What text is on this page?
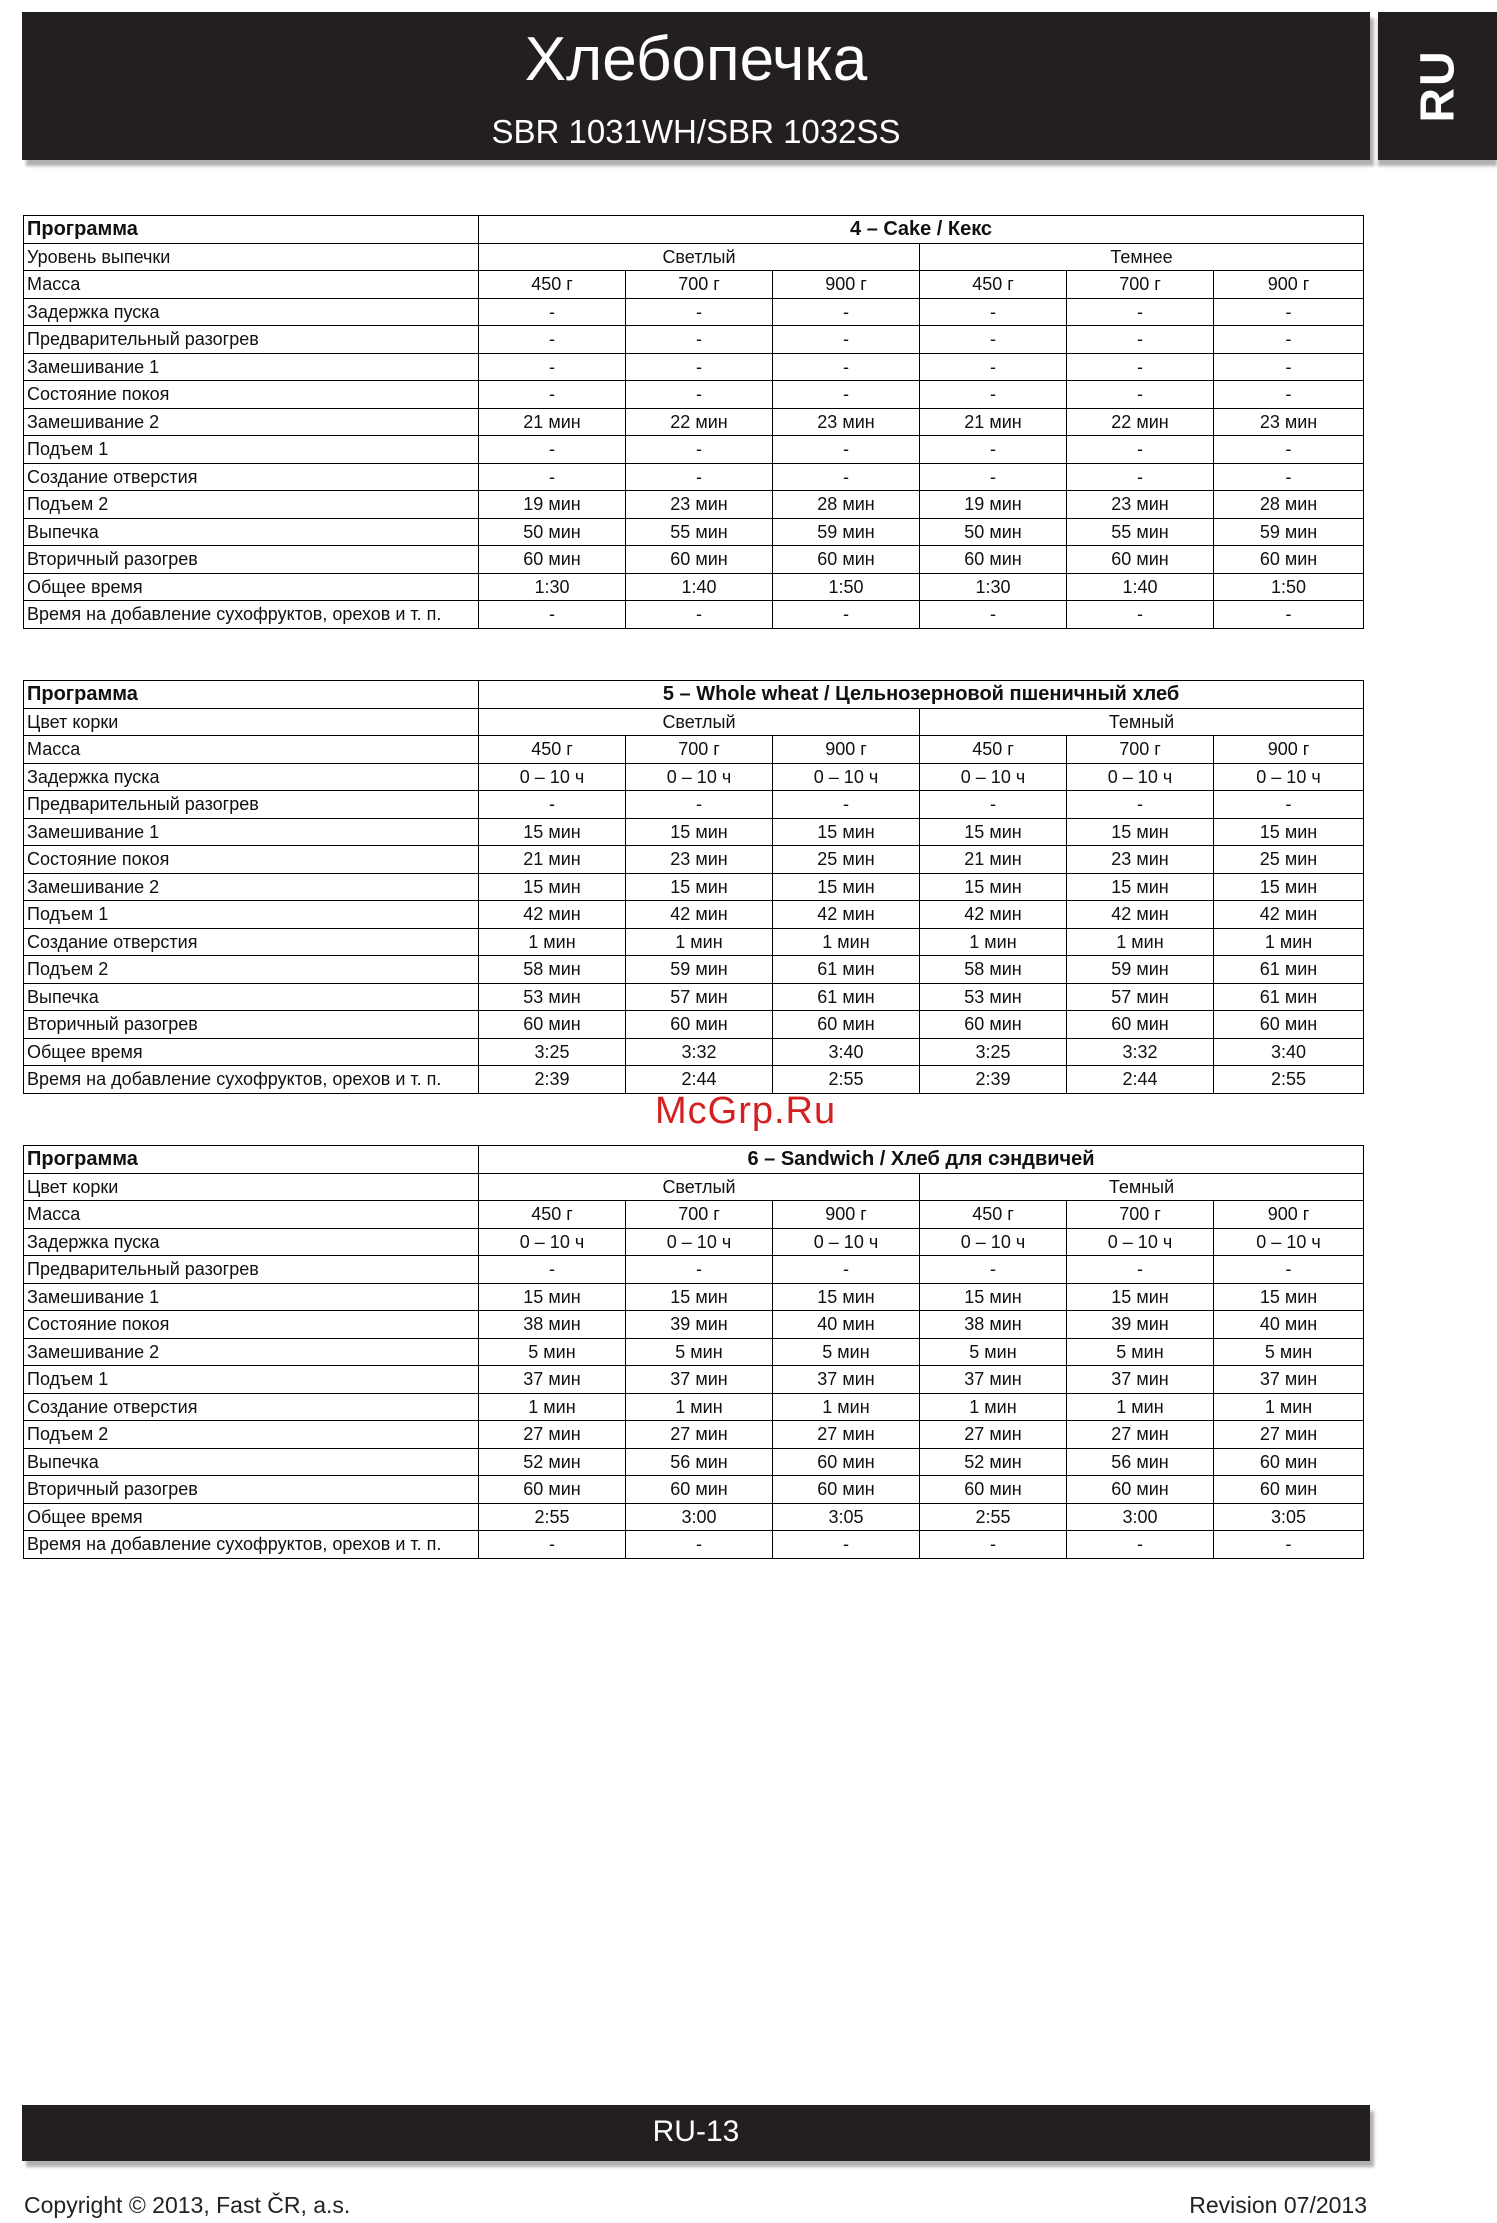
Хлебопечка
SBR 1031WH/SBR 1032SS
RU
Программа	4 – Cake / Кекс					
Уровень выпечки	Светлый			Темнее		
Масса	450 г	700 г	900 г	450 г	700 г	900 г
Задержка пуска	-	-	-	-	-	-
Предварительный разогрев	-	-	-	-	-	-
Замешивание 1	-	-	-	-	-	-
Состояние покоя	-	-	-	-	-	-
Замешивание 2	21 мин	22 мин	23 мин	21 мин	22 мин	23 мин
Подъем 1	-	-	-	-	-	-
Создание отверстия	-	-	-	-	-	-
Подъем 2	19 мин	23 мин	28 мин	19 мин	23 мин	28 мин
Выпечка	50 мин	55 мин	59 мин	50 мин	55 мин	59 мин
Вторичный разогрев	60 мин	60 мин	60 мин	60 мин	60 мин	60 мин
Общее время	1:30	1:40	1:50	1:30	1:40	1:50
Время на добавление сухофруктов, орехов и т. п.	-	-	-	-	-	-
Программа	5 – Whole wheat / Цельнозерновой пшеничный хлеб					
Цвет корки	Светлый			Темный		
Масса	450 г	700 г	900 г	450 г	700 г	900 г
Задержка пуска	0 – 10 ч	0 – 10 ч	0 – 10 ч	0 – 10 ч	0 – 10 ч	0 – 10 ч
Предварительный разогрев	-	-	-	-	-	-
Замешивание 1	15 мин	15 мин	15 мин	15 мин	15 мин	15 мин
Состояние покоя	21 мин	23 мин	25 мин	21 мин	23 мин	25 мин
Замешивание 2	15 мин	15 мин	15 мин	15 мин	15 мин	15 мин
Подъем 1	42 мин	42 мин	42 мин	42 мин	42 мин	42 мин
Создание отверстия	1 мин	1 мин	1 мин	1 мин	1 мин	1 мин
Подъем 2	58 мин	59 мин	61 мин	58 мин	59 мин	61 мин
Выпечка	53 мин	57 мин	61 мин	53 мин	57 мин	61 мин
Вторичный разогрев	60 мин	60 мин	60 мин	60 мин	60 мин	60 мин
Общее время	3:25	3:32	3:40	3:25	3:32	3:40
Время на добавление сухофруктов, орехов и т. п.	2:39	2:44	2:55	2:39	2:44	2:55
Программа	6 – Sandwich / Хлеб для сэндвичей					
Цвет корки	Светлый			Темный		
Масса	450 г	700 г	900 г	450 г	700 г	900 г
Задержка пуска	0 – 10 ч	0 – 10 ч	0 – 10 ч	0 – 10 ч	0 – 10 ч	0 – 10 ч
Предварительный разогрев	-	-	-	-	-	-
Замешивание 1	15 мин	15 мин	15 мин	15 мин	15 мин	15 мин
Состояние покоя	38 мин	39 мин	40 мин	38 мин	39 мин	40 мин
Замешивание 2	5 мин	5 мин	5 мин	5 мин	5 мин	5 мин
Подъем 1	37 мин	37 мин	37 мин	37 мин	37 мин	37 мин
Создание отверстия	1 мин	1 мин	1 мин	1 мин	1 мин	1 мин
Подъем 2	27 мин	27 мин	27 мин	27 мин	27 мин	27 мин
Выпечка	52 мин	56 мин	60 мин	52 мин	56 мин	60 мин
Вторичный разогрев	60 мин	60 мин	60 мин	60 мин	60 мин	60 мин
Общее время	2:55	3:00	3:05	2:55	3:00	3:05
Время на добавление сухофруктов, орехов и т. п.	-	-	-	-	-	-
McGrp.Ru
RU-13
Copyright © 2013, Fast ČR, a.s.	Revision 07/2013
